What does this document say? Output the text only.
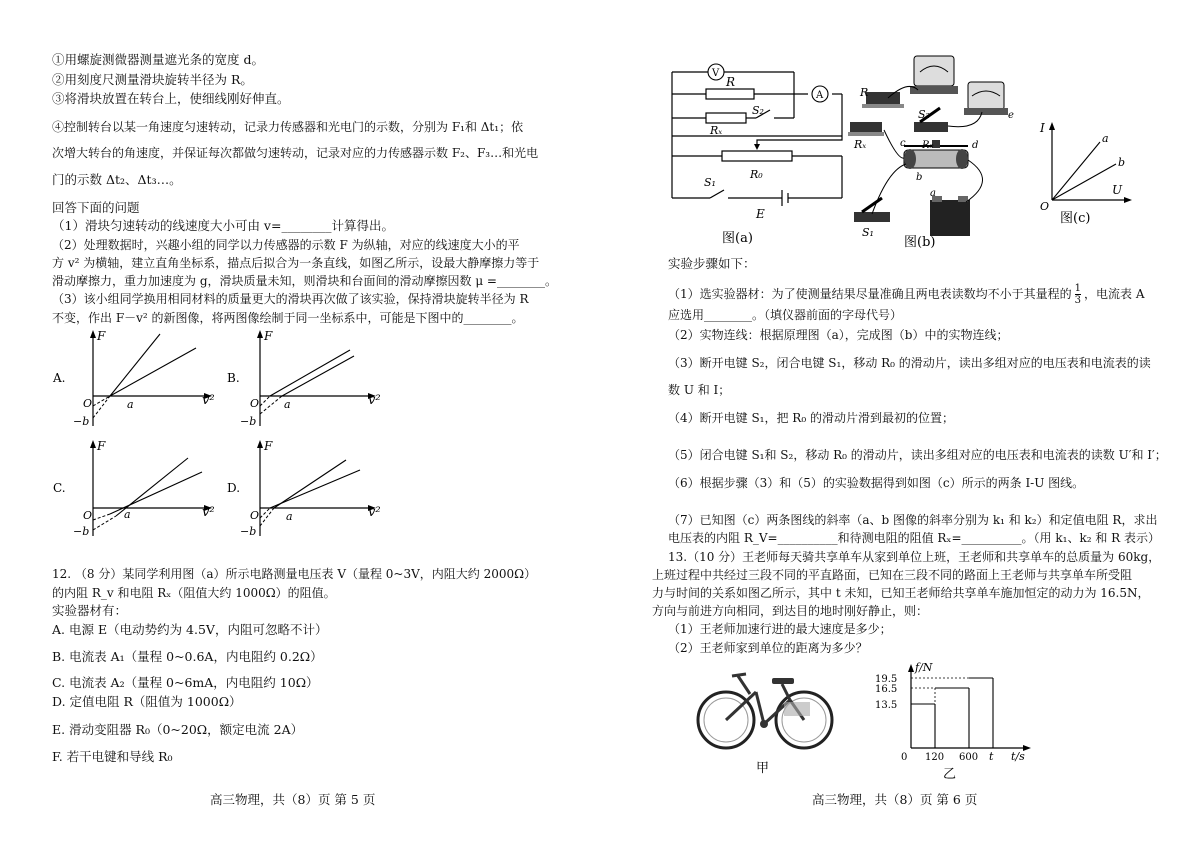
①用螺旋测微器测量遮光条的宽度 d。
②用刻度尺测量滑块旋转半径为 R。
③将滑块放置在转台上，使细线刚好伸直。
④控制转台以某一角速度匀速转动，记录力传感器和光电门的示数，分别为 F₁和 Δt₁；依
次增大转台的角速度，并保证每次都做匀速转动，记录对应的力传感器示数 F₂、F₃…和光电
门的示数 Δt₂、Δt₃…。
回答下面的问题
（1）滑块匀速转动的线速度大小可由 v=________计算得出。
（2）处理数据时，兴趣小组的同学以力传感器的示数 F 为纵轴，对应的线速度大小的平
方 v² 为横轴，建立直角坐标系，描点后拟合为一条直线，如图乙所示，设最大静摩擦力等于
滑动摩擦力，重力加速度为 g，滑块质量未知，则滑块和台面间的滑动摩擦因数 μ =________。
（3）该小组同学换用相同材料的质量更大的滑块再次做了该实验，保持滑块旋转半径为 R
不变，作出 F－v² 的新图像，将两图像绘制于同一坐标系中，可能是下图中的________。
A.
F
O	a
−b
v²
B.
F
O a
−b
v²
C.
F
O	a
−b
v²
D.
F
O a
−b
v²
12. （8 分）某同学利用图（a）所示电路测量电压表 V（量程 0~3V，内阻大约 2000Ω）
的内阻 R_v 和电阻 Rₓ（阻值大约 1000Ω）的阻值。
实验器材有：
A. 电源 E（电动势约为 4.5V，内阻可忽略不计）
B. 电流表 A₁（量程 0~0.6A，内电阻约 0.2Ω）
C. 电流表 A₂（量程 0~6mA，内电阻约 10Ω）
D. 定值电阻 R（阻值为 1000Ω）
E. 滑动变阻器 R₀（0~20Ω，额定电流 2A）
F. 若干电键和导线 R₀
高三物理，共（8）页 第 5 页
V
A
R
S₂
Rₓ
R₀
S₁
E
图(a)
R
S₂
Rₓ	R₀
c	d
b
a
e
S₁
图(b)
I
U
O
a
b
图(c)
实验步骤如下：
（1）选实验器材：为了使测量结果尽量准确且两电表读数均不小于其量程的 $\frac{1}{3}$ ，电流表 A
应选用________。（填仪器前面的字母代号）
（2）实物连线：根据原理图（a），完成图（b）中的实物连线；
（3）断开电键 S₂，闭合电键 S₁，移动 R₀ 的滑动片，读出多组对应的电压表和电流表的读
数 U 和 I；
（4）断开电键 S₁，把 R₀ 的滑动片滑到最初的位置；
（5）闭合电键 S₁和 S₂，移动 R₀ 的滑动片，读出多组对应的电压表和电流表的读数 U′和 I′；
（6）根据步骤（3）和（5）的实验数据得到如图（c）所示的两条 I-U 图线。
（7）已知图（c）两条图线的斜率（a、b 图像的斜率分别为 k₁ 和 k₂）和定值电阻 R，求出
电压表的内阻 R_V=__________和待测电阻的阻值 Rₓ=__________。（用 k₁、k₂ 和 R 表示）
13.（10 分）王老师每天骑共享单车从家到单位上班，王老师和共享单车的总质量为 60kg，
上班过程中共经过三段不同的平直路面，已知在三段不同的路面上王老师与共享单车所受阻
力与时间的关系如图乙所示，其中 t 未知，已知王老师给共享单车施加恒定的动力为 16.5N，
方向与前进方向相同，到达目的地时刚好静止，则：
（1）王老师加速行进的最大速度是多少；
（2）王老师家到单位的距离为多少？
甲
f/N
19.5
16.5
13.5
0 120 600 t t/s
乙
高三物理，共（8）页 第 6 页
